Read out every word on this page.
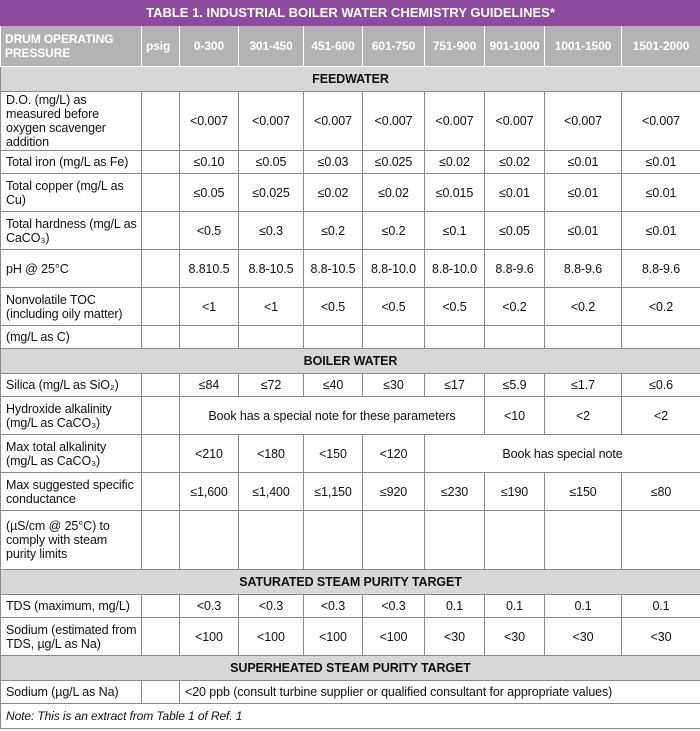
TABLE 1. INDUSTRIAL BOILER WATER CHEMISTRY GUIDELINES*									
DRUM OPERATING PRESSURE	psig	0-300	301-450	451-600	601-750	751-900	901-1000	1001-1500	1501-2000
FEEDWATER									
D.O. (mg/L) as measured before oxygen scavenger addition		<0.007	<0.007	<0.007	<0.007	<0.007	<0.007	<0.007	<0.007
Total iron (mg/L as Fe)		≤0.10	≤0.05	≤0.03	≤0.025	≤0.02	≤0.02	≤0.01	≤0.01
Total copper (mg/L as Cu)		≤0.05	≤0.025	≤0.02	≤0.02	≤0.015	≤0.01	≤0.01	≤0.01
Total hardness (mg/L as CaCO₃)		<0.5	≤0.3	≤0.2	≤0.2	≤0.1	≤0.05	≤0.01	≤0.01
pH @ 25°C		8.810.5	8.8-10.5	8.8-10.5	8.8-10.0	8.8-10.0	8.8-9.6	8.8-9.6	8.8-9.6
Nonvolatile TOC (including oily matter)		<1	<1	<0.5	<0.5	<0.5	<0.2	<0.2	<0.2
(mg/L as C)									
BOILER WATER									
Silica (mg/L as SiO₂)		≤84	≤72	≤40	≤30	≤17	≤5.9	≤1.7	≤0.6
Hydroxide alkalinity (mg/L as CaCO₃)		Book has a special note for these parameters					<10	<2	<2
Max total alkalinity (mg/L as CaCO₃)		<210	<180	<150	<120	Book has special note			
Max suggested specific conductance		≤1,600	≤1,400	≤1,150	≤920	≤230	≤190	≤150	≤80
(µS/cm @ 25°C) to comply with steam purity limits									
SATURATED STEAM PURITY TARGET									
TDS (maximum, mg/L)		<0.3	<0.3	<0.3	<0.3	0.1	0.1	0.1	0.1
Sodium (estimated from TDS, µg/L as Na)		<100	<100	<100	<100	<30	<30	<30	<30
SUPERHEATED STEAM PURITY TARGET									
Sodium (µg/L as Na)		<20 ppb (consult turbine supplier or qualified consultant for appropriate values)							
Note: This is an extract from Table 1 of Ref. 1									
